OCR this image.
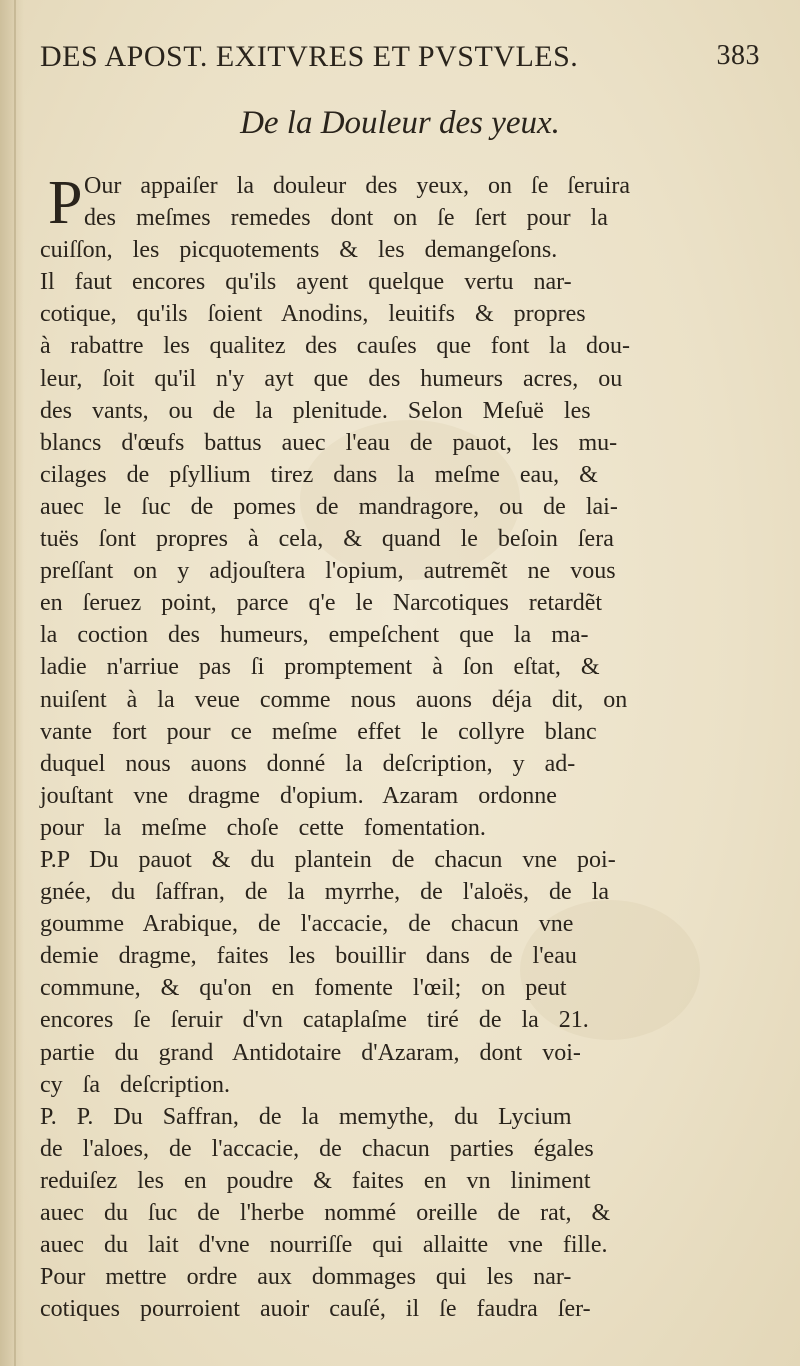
DES APOST. EXITVRES ET PVSTVLES.	383
De la Douleur des yeux.
P Our appaiſer la douleur des yeux, on ſe ſeruira
des meſmes remedes dont on ſe ſert pour la
cuiſſon, les picquotements & les demangeſons.
Il faut encores qu'ils ayent quelque vertu nar-
cotique, qu'ils ſoient Anodins, leuitifs & propres
à rabattre les qualitez des cauſes que font la dou-
leur, ſoit qu'il n'y ayt que des humeurs acres, ou
des vants, ou de la plenitude. Selon Meſuë les
blancs d'œufs battus auec l'eau de pauot, les mu-
cilages de pſyllium tirez dans la meſme eau, &
auec le ſuc de pomes de mandragore, ou de lai-
tuës ſont propres à cela, & quand le beſoin ſera
preſſant on y adjouſtera l'opium, autremẽt ne vous
en ſeruez point, parce q'e le Narcotiques retardẽt
la coction des humeurs, empeſchent que la ma-
ladie n'arriue pas ſi promptement à ſon eſtat, &
nuiſent à la veue comme nous auons déja dit, on
vante fort pour ce meſme effet le collyre blanc
duquel nous auons donné la deſcription, y ad-
jouſtant vne dragme d'opium. Azaram ordonne
pour la meſme choſe cette fomentation.
P.P Du pauot & du plantein de chacun vne poi-
gnée, du ſaffran, de la myrrhe, de l'aloës, de la
goumme Arabique, de l'accacie, de chacun vne
demie dragme, faites les bouillir dans de l'eau
commune, & qu'on en fomente l'œil; on peut
encores ſe ſeruir d'vn cataplaſme tiré de la 21.
partie du grand Antidotaire d'Azaram, dont voi-
cy ſa deſcription.
P. P. Du Saffran, de la memythe, du Lycium
de l'aloes, de l'accacie, de chacun parties égales
reduiſez les en poudre & faites en vn liniment
auec du ſuc de l'herbe nommé oreille de rat, &
auec du lait d'vne nourriſſe qui allaitte vne fille.
Pour mettre ordre aux dommages qui les nar-
cotiques pourroient auoir cauſé, il ſe faudra ſer-
